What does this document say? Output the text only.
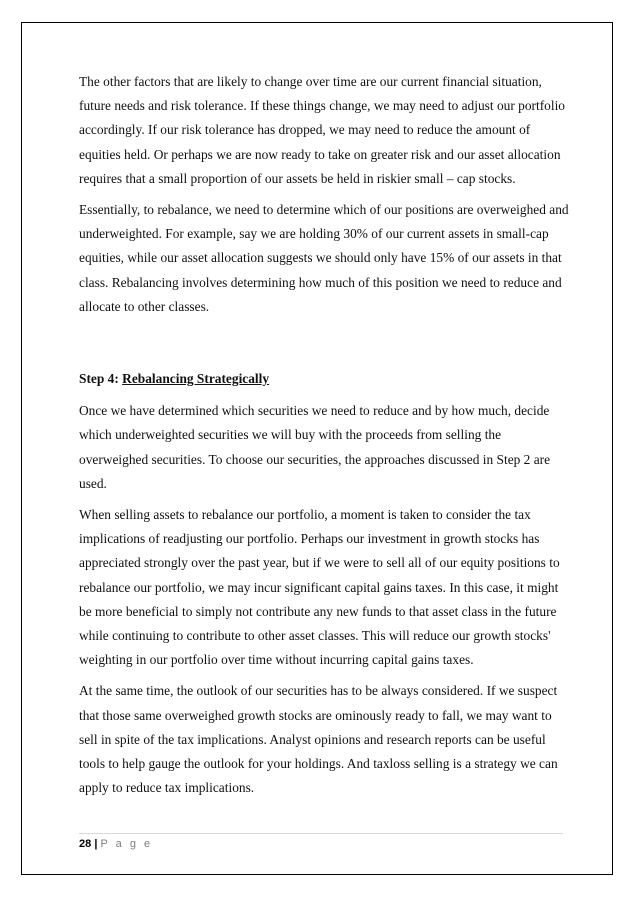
The other factors that are likely to change over time are our current financial situation, future needs and risk tolerance. If these things change, we may need to adjust our portfolio accordingly. If our risk tolerance has dropped, we may need to reduce the amount of equities held. Or perhaps we are now ready to take on greater risk and our asset allocation requires that a small proportion of our assets be held in riskier small – cap stocks.

Essentially, to rebalance, we need to determine which of our positions are overweighed and underweighted. For example, say we are holding 30% of our current assets in small-cap equities, while our asset allocation suggests we should only have 15% of our assets in that class. Rebalancing involves determining how much of this position we need to reduce and allocate to other classes.

Step 4: Rebalancing Strategically

Once we have determined which securities we need to reduce and by how much, decide which underweighted securities we will buy with the proceeds from selling the overweighed securities. To choose our securities, the approaches discussed in Step 2 are used.

When selling assets to rebalance our portfolio, a moment is taken to consider the tax implications of readjusting our portfolio. Perhaps our investment in growth stocks has appreciated strongly over the past year, but if we were to sell all of our equity positions to rebalance our portfolio, we may incur significant capital gains taxes. In this case, it might be more beneficial to simply not contribute any new funds to that asset class in the future while continuing to contribute to other asset classes. This will reduce our growth stocks' weighting in our portfolio over time without incurring capital gains taxes.

At the same time, the outlook of our securities has to be always considered. If we suspect that those same overweighed growth stocks are ominously ready to fall, we may want to sell in spite of the tax implications. Analyst opinions and research reports can be useful tools to help gauge the outlook for your holdings. And taxloss selling is a strategy we can apply to reduce tax implications.

28 | P a g e
